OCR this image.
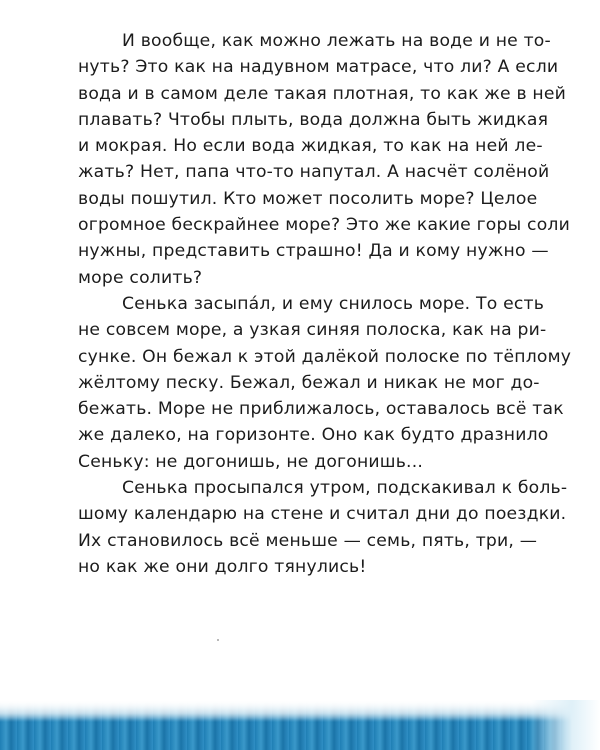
И вообще, как можно лежать на воде и не то-
нуть? Это как на надувном матрасе, что ли? А если
вода и в самом деле такая плотная, то как же в ней
плавать? Чтобы плыть, вода должна быть жидкая
и мокрая. Но если вода жидкая, то как на ней ле-
жать? Нет, папа что-то напутал. А насчёт солёной
воды пошутил. Кто может посолить море? Целое
огромное бескрайнее море? Это же какие горы соли
нужны, представить страшно! Да и кому нужно —
море солить?

Сенька засыпа́л, и ему снилось море. То есть
не совсем море, а узкая синяя полоска, как на ри-
сунке. Он бежал к этой далёкой полоске по тёплому
жёлтому песку. Бежал, бежал и никак не мог до-
бежать. Море не приближалось, оставалось всё так
же далеко, на горизонте. Оно как будто дразнило
Сеньку: не догонишь, не догонишь...

Сенька просыпался утром, подскакивал к боль-
шому календарю на стене и считал дни до поездки.
Их становилось всё меньше — семь, пять, три, —
но как же они долго тянулись!
